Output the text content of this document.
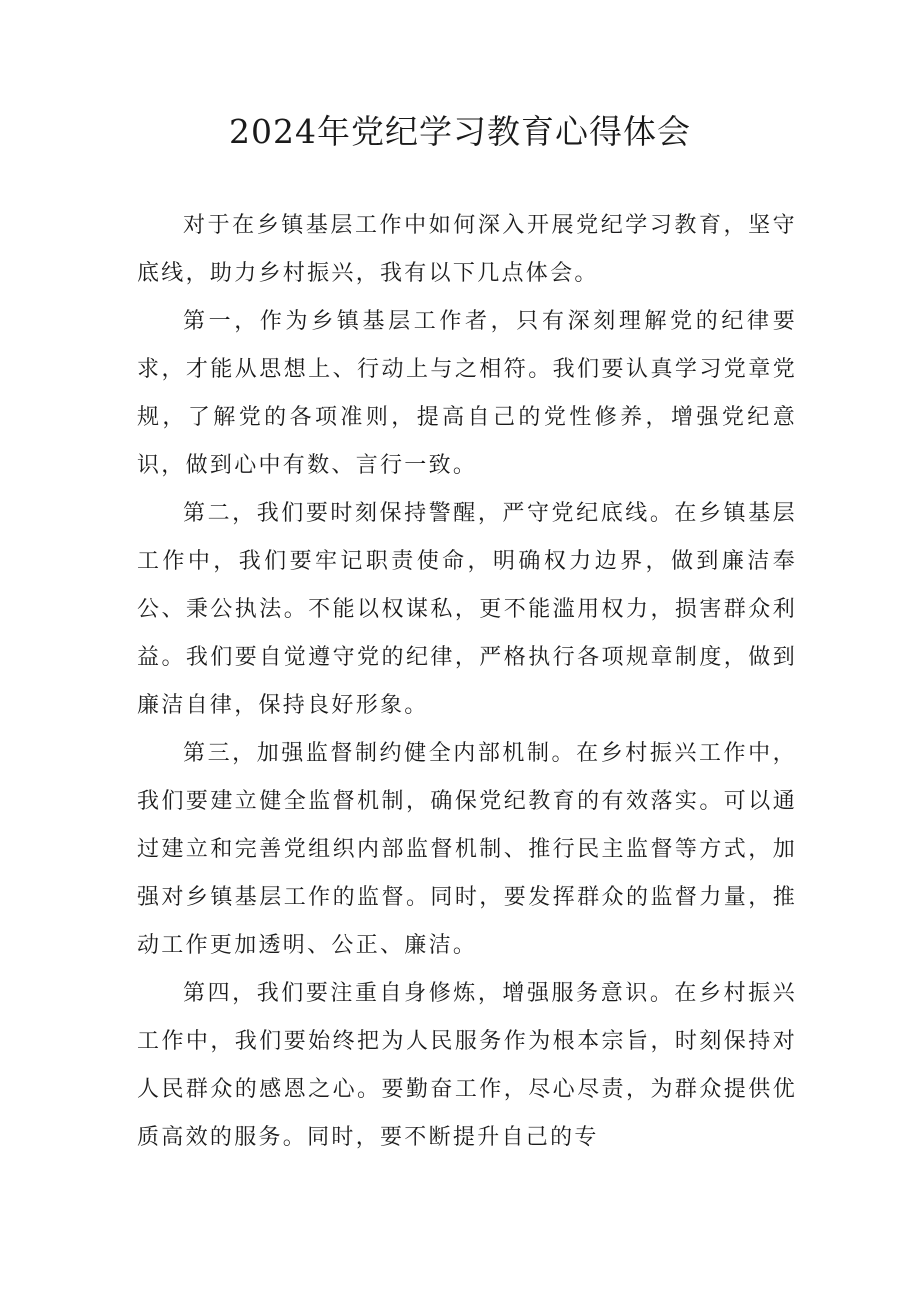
2024年党纪学习教育心得体会

对于在乡镇基层工作中如何深入开展党纪学习教育，坚守底线，助力乡村振兴，我有以下几点体会。

第一，作为乡镇基层工作者，只有深刻理解党的纪律要求，才能从思想上、行动上与之相符。我们要认真学习党章党规，了解党的各项准则，提高自己的党性修养，增强党纪意识，做到心中有数、言行一致。

第二，我们要时刻保持警醒，严守党纪底线。在乡镇基层工作中，我们要牢记职责使命，明确权力边界，做到廉洁奉公、秉公执法。不能以权谋私，更不能滥用权力，损害群众利益。我们要自觉遵守党的纪律，严格执行各项规章制度，做到廉洁自律，保持良好形象。

第三，加强监督制约健全内部机制。在乡村振兴工作中，我们要建立健全监督机制，确保党纪教育的有效落实。可以通过建立和完善党组织内部监督机制、推行民主监督等方式，加强对乡镇基层工作的监督。同时，要发挥群众的监督力量，推动工作更加透明、公正、廉洁。

第四，我们要注重自身修炼，增强服务意识。在乡村振兴工作中，我们要始终把为人民服务作为根本宗旨，时刻保持对人民群众的感恩之心。要勤奋工作，尽心尽责，为群众提供优质高效的服务。同时，要不断提升自己的专
